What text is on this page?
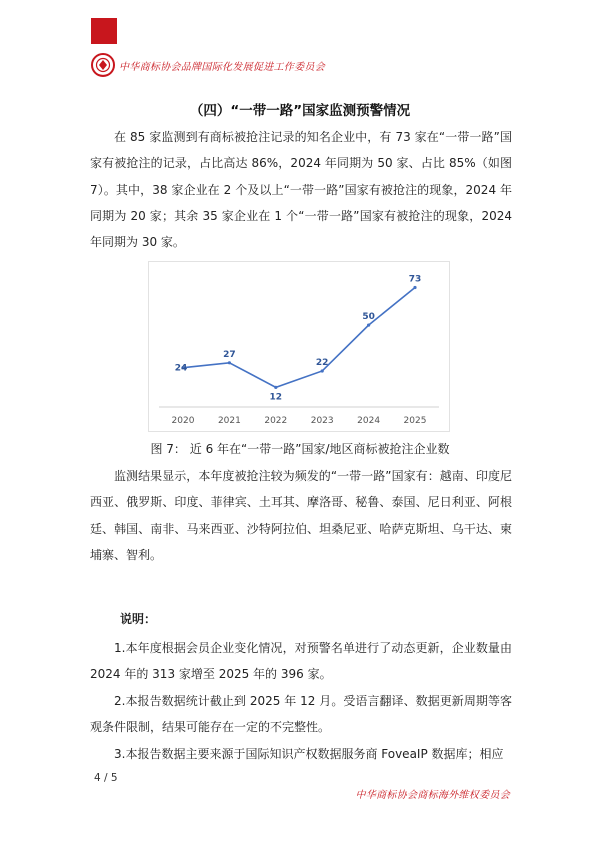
中华商标协会品牌国际化发展促进工作委员会
（四）“一带一路”国家监测预警情况

在 85 家监测到有商标被抢注记录的知名企业中，有 73 家在“一带一路”国家有被抢注的记录，占比高达 86%，2024 年同期为 50 家、占比 85%（如图 7）。其中，38 家企业在 2 个及以上“一带一路”国家有被抢注的现象，2024 年同期为 20 家；其余 35 家企业在 1 个“一带一路”国家有被抢注的现象，2024 年同期为 30 家。

2020	2021	2022	2023	2024	2025
24
27
12
22
50
73
图 7： 近 6 年在“一带一路”国家/地区商标被抢注企业数

监测结果显示，本年度被抢注较为频发的“一带一路”国家有：越南、印度尼西亚、俄罗斯、印度、菲律宾、土耳其、摩洛哥、秘鲁、泰国、尼日利亚、阿根廷、韩国、南非、马来西亚、沙特阿拉伯、坦桑尼亚、哈萨克斯坦、乌干达、柬埔寨、智利。

说明：

1.本年度根据会员企业变化情况，对预警名单进行了动态更新，企业数量由 2024 年的 313 家增至 2025 年的 396 家。

2.本报告数据统计截止到 2025 年 12 月。受语言翻译、数据更新周期等客观条件限制，结果可能存在一定的不完整性。

3.本报告数据主要来源于国际知识产权数据服务商 FoveaIP 数据库；相应

4 / 5
中华商标协会商标海外维权委员会
